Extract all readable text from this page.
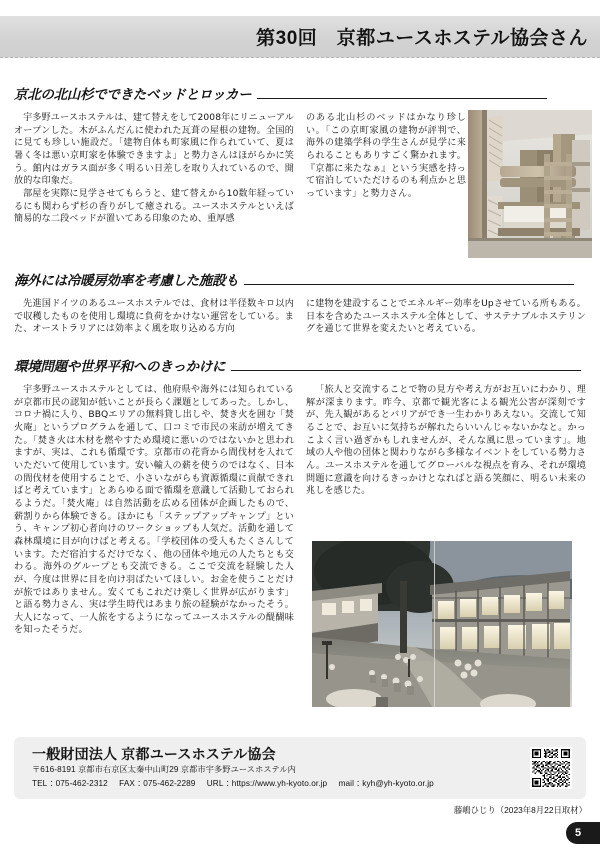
第30回　京都ユースホステル協会さん
京北の北山杉でできたベッドとロッカー

宇多野ユースホステルは、建て替えをして2008年にリニューアルオープンした。木がふんだんに使われた瓦葺の屋根の建物。全国的に見ても珍しい施設だ。「建物自体も町家風に作られていて、夏は暑く冬は悪い京町家を体験できますよ」と勢力さんはほがらかに笑う。館内はガラス面が多く明るい日差しを取り入れているので、開放的な印象だ。

部屋を実際に見学させてもらうと、建て替えから10数年経っているにも関わらず杉の香りがして癒される。ユースホステルといえば簡易的な二段ベッドが置いてある印象のため、重厚感

のある北山杉のベッドはかなり珍しい。「この京町家風の建物が評判で、海外の建築学科の学生さんが見学に来られることもありすごく驚かれます。『京都に来たなぁ』という実感を持って宿泊していただけるのも利点かと思っています」と勢力さん。

海外には冷暖房効率を考慮した施設も

先進国ドイツのあるユースホステルでは、食材は半径数キロ以内で収穫したものを使用し環境に負荷をかけない運営をしている。また、オーストラリアには効率よく風を取り込める方向

に建物を建設することでエネルギー効率をUpさせている所もある。日本を含めたユースホステル全体として、サステナブルホステリングを通じて世界を変えたいと考えている。

環境問題や世界平和へのきっかけに

宇多野ユースホステルとしては、他府県や海外には知られているが京都市民の認知が低いことが長らく課題としてあった。しかし、コロナ禍に入り、BBQエリアの無料貸し出しや、焚き火を囲む「焚火庵」というプログラムを通して、口コミで市民の来訪が増えてきた。「焚き火は木材を燃やすため環境に悪いのではないかと思われますが、実は、これも循環です。京都市の花背から間伐材を入れていただいて使用しています。安い輸入の薪を使うのではなく、日本の間伐材を使用することで、小さいながらも資源循環に貢献できればと考えています」とあらゆる面で循環を意識して活動しておられるようだ。「焚火庵」は自然活動を広める団体が企画したもので、薪割りから体験できる。ほかにも「ステップアップキャンプ」という、キャンプ初心者向けのワークショップも人気だ。活動を通して森林環境に目が向けばと考える。「学校団体の受入もたくさんしています。ただ宿泊するだけでなく、他の団体や地元の人たちとも交わる。海外のグループとも交流できる。ここで交流を経験した人が、今度は世界に目を向け羽ばたいてほしい。お金を使うことだけが旅ではありません。安くてもこれだけ楽しく世界が広がります」と語る勢力さん、実は学生時代はあまり旅の経験がなかったそう。大人になって、一人旅をするようになってユースホステルの醍醐味を知ったそうだ。

「旅人と交流することで物の見方や考え方がお互いにわかり、理解が深まります。昨今、京都で観光客による観光公害が深刻ですが、先入観があるとバリアができ一生わかりあえない。交流して知ることで、お互いに気持ちが解れたらいいんじゃないかなと。かっこよく言い過ぎかもしれませんが、そんな風に思っています」。地域の人や他の団体と関わりながら多様なイベントをしている勢力さん。ユースホステルを通してグローバルな視点を育み、それが環境問題に意識を向けるきっかけとなればと語る笑顔に、明るい未来の兆しを感じた。

一般財団法人 京都ユースホステル協会
〒616-8191 京都市右京区太秦中山町29 京都市宇多野ユースホステル内
TEL：075-462-2312 FAX：075-462-2289 URL：https://www.yh-kyoto.or.jp mail：kyh@yh-kyoto.or.jp
藤嶋ひじり（2023年8月22日取材）
5
